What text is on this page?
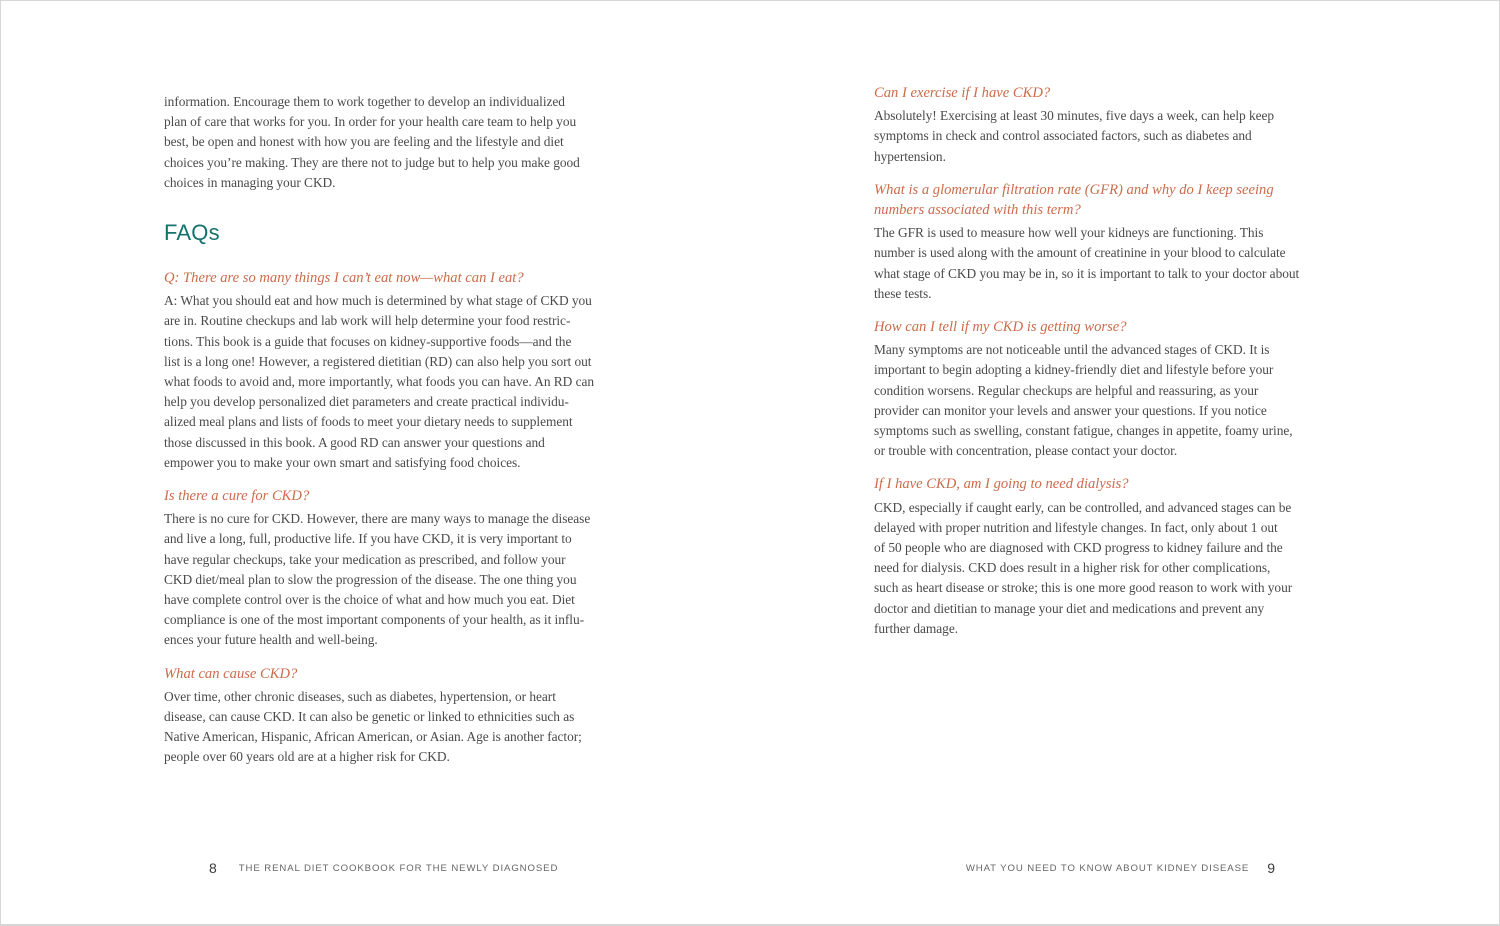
information. Encourage them to work together to develop an individualized
plan of care that works for you. In order for your health care team to help you
best, be open and honest with how you are feeling and the lifestyle and diet
choices you’re making. They are there not to judge but to help you make good
choices in managing your CKD.

FAQs
Q: There are so many things I can’t eat now—what can I eat?

A: What you should eat and how much is determined by what stage of CKD you
are in. Routine checkups and lab work will help determine your food restric-
tions. This book is a guide that focuses on kidney-supportive foods—and the
list is a long one! However, a registered dietitian (RD) can also help you sort out
what foods to avoid and, more importantly, what foods you can have. An RD can
help you develop personalized diet parameters and create practical individu-
alized meal plans and lists of foods to meet your dietary needs to supplement
those discussed in this book. A good RD can answer your questions and
empower you to make your own smart and satisfying food choices.

Is there a cure for CKD?

There is no cure for CKD. However, there are many ways to manage the disease
and live a long, full, productive life. If you have CKD, it is very important to
have regular checkups, take your medication as prescribed, and follow your
CKD diet/meal plan to slow the progression of the disease. The one thing you
have complete control over is the choice of what and how much you eat. Diet
compliance is one of the most important components of your health, as it influ-
ences your future health and well-being.

What can cause CKD?

Over time, other chronic diseases, such as diabetes, hypertension, or heart
disease, can cause CKD. It can also be genetic or linked to ethnicities such as
Native American, Hispanic, African American, or Asian. Age is another factor;
people over 60 years old are at a higher risk for CKD.

8 THE RENAL DIET COOKBOOK FOR THE NEWLY DIAGNOSED
Can I exercise if I have CKD?

Absolutely! Exercising at least 30 minutes, five days a week, can help keep
symptoms in check and control associated factors, such as diabetes and
hypertension.

What is a glomerular filtration rate (GFR) and why do I keep seeing
numbers associated with this term?

The GFR is used to measure how well your kidneys are functioning. This
number is used along with the amount of creatinine in your blood to calculate
what stage of CKD you may be in, so it is important to talk to your doctor about
these tests.

How can I tell if my CKD is getting worse?

Many symptoms are not noticeable until the advanced stages of CKD. It is
important to begin adopting a kidney-friendly diet and lifestyle before your
condition worsens. Regular checkups are helpful and reassuring, as your
provider can monitor your levels and answer your questions. If you notice
symptoms such as swelling, constant fatigue, changes in appetite, foamy urine,
or trouble with concentration, please contact your doctor.

If I have CKD, am I going to need dialysis?

CKD, especially if caught early, can be controlled, and advanced stages can be
delayed with proper nutrition and lifestyle changes. In fact, only about 1 out
of 50 people who are diagnosed with CKD progress to kidney failure and the
need for dialysis. CKD does result in a higher risk for other complications,
such as heart disease or stroke; this is one more good reason to work with your
doctor and dietitian to manage your diet and medications and prevent any
further damage.

WHAT YOU NEED TO KNOW ABOUT KIDNEY DISEASE 9
